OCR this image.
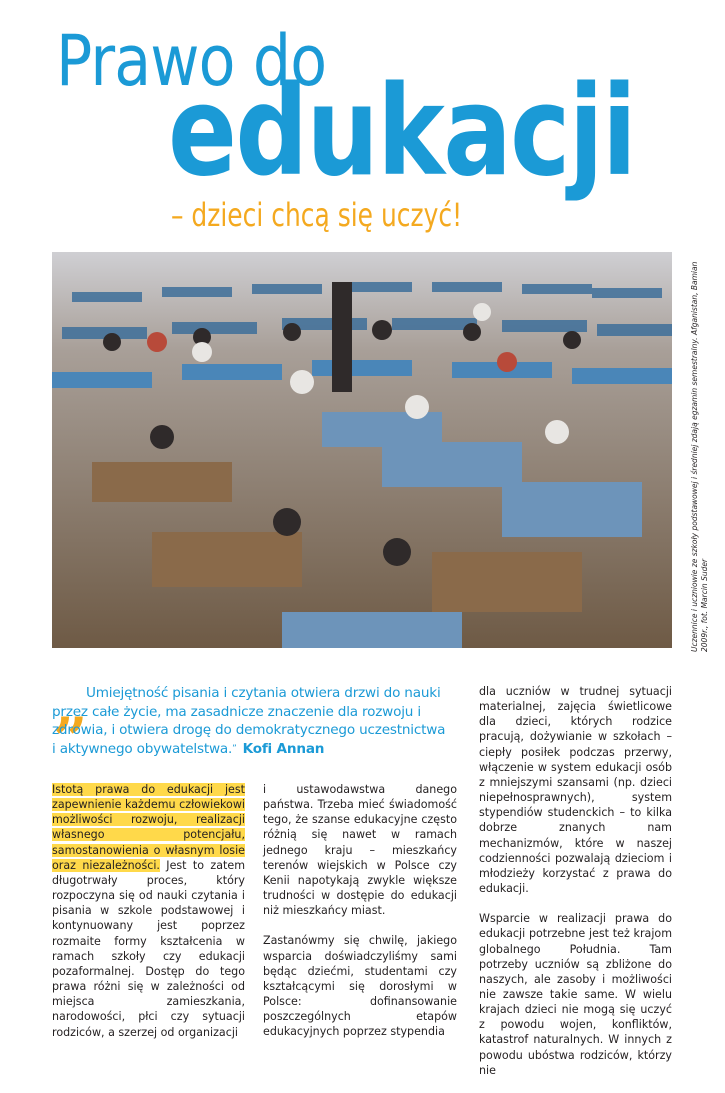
Prawo do
edukacji
– dzieci chcą się uczyć!
Uczennice i uczniowie ze szkoły podstawowej i średniej zdają egzamin semestralny. Afganistan, Bamian 2009r., fot. Marcin Suder
„
Umiejętność pisania i czytania otwiera drzwi do nauki przez całe życie, ma zasadnicze znaczenie dla rozwoju i zdrowia, i otwiera drogę do demokratycznego uczestnictwa i aktywnego obywatelstwa.” Kofi Annan

Istotą prawa do edukacji jest zapewnienie każdemu człowiekowi możliwości rozwoju, realizacji własnego potencjału, samostanowienia o własnym losie oraz niezależności. Jest to zatem długotrwały proces, który rozpoczyna się od nauki czytania i pisania w szkole podstawowej i kontynuowany jest poprzez rozmaite formy kształcenia w ramach szkoły czy edukacji pozaformalnej. Dostęp do tego prawa różni się w zależności od miejsca zamieszkania, narodowości, płci czy sytuacji rodziców, a szerzej od organizacji

i ustawodawstwa danego państwa. Trzeba mieć świadomość tego, że szanse edukacyjne często różnią się nawet w ramach jednego kraju – mieszkańcy terenów wiejskich w Polsce czy Kenii napotykają zwykle większe trudności w dostępie do edukacji niż mieszkańcy miast.

Zastanówmy się chwilę, jakiego wsparcia doświadczyliśmy sami będąc dziećmi, studentami czy kształcącymi się dorosłymi w Polsce: dofinansowanie poszczególnych etapów edukacyjnych poprzez stypendia

dla uczniów w trudnej sytuacji materialnej, zajęcia świetlicowe dla dzieci, których rodzice pracują, dożywianie w szkołach – ciepły posiłek podczas przerwy, włączenie w system edukacji osób z mniejszymi szansami (np. dzieci niepełnosprawnych), system stypendiów studenckich – to kilka dobrze znanych nam mechanizmów, które w naszej codzienności pozwalają dzieciom i młodzieży korzystać z prawa do edukacji.

Wsparcie w realizacji prawa do edukacji potrzebne jest też krajom globalnego Południa. Tam potrzeby uczniów są zbliżone do naszych, ale zasoby i możliwości nie zawsze takie same. W wielu krajach dzieci nie mogą się uczyć z powodu wojen, konfliktów, katastrof naturalnych. W innych z powodu ubóstwa rodziców, którzy nie
